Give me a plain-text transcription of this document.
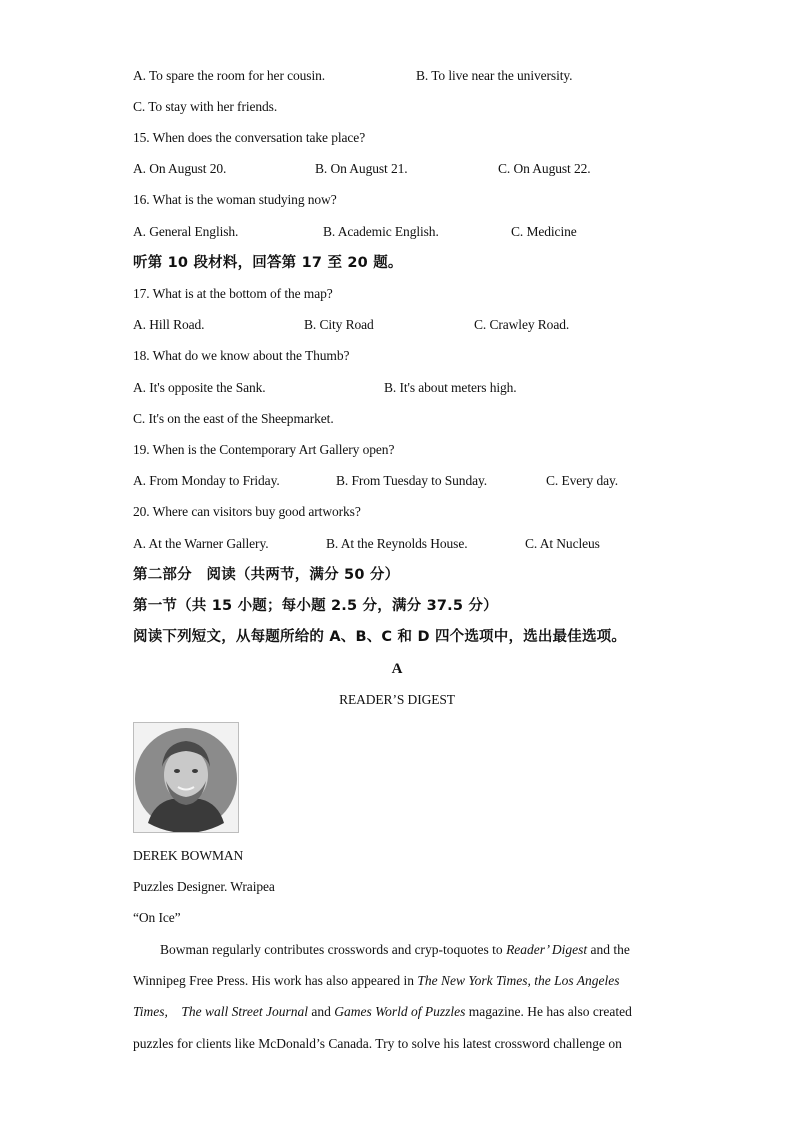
A. To spare the room for her cousin.	B. To live near the university.
C. To stay with her friends.
15. When does the conversation take place?
A. On August 20.	B. On August 21.	C. On August 22.
16. What is the woman studying now?
A. General English.	B. Academic English.	C. Medicine
听第 10 段材料，回答第 17 至 20 题。
17. What is at the bottom of the map?
A. Hill Road.	B. City Road	C. Crawley Road.
18. What do we know about the Thumb?
A. It's opposite the Sank.	B. It's about meters high.
C. It's on the east of the Sheepmarket.
19. When is the Contemporary Art Gallery open?
A. From Monday to Friday.	B. From Tuesday to Sunday.	C. Every day.
20. Where can visitors buy good artworks?
A. At the Warner Gallery.	B. At the Reynolds House.	C. At Nucleus
第二部分　阅读（共两节，满分 50 分）
第一节（共 15 小题；每小题 2.5 分，满分 37.5 分）
阅读下列短文，从每题所给的 A、B、C 和 D 四个选项中，选出最佳选项。
A
READER’S DIGEST
DEREK BOWMAN
Puzzles Designer. Wraipea
“On Ice”
Bowman regularly contributes crosswords and cryp-toquotes to Reader’ Digest and the Winnipeg Free Press. His work has also appeared in The New York Times, the Los Angeles Times, The wall Street Journal and Games World of Puzzles magazine. He has also created puzzles for clients like McDonald’s Canada. Try to solve his latest crossword challenge on
